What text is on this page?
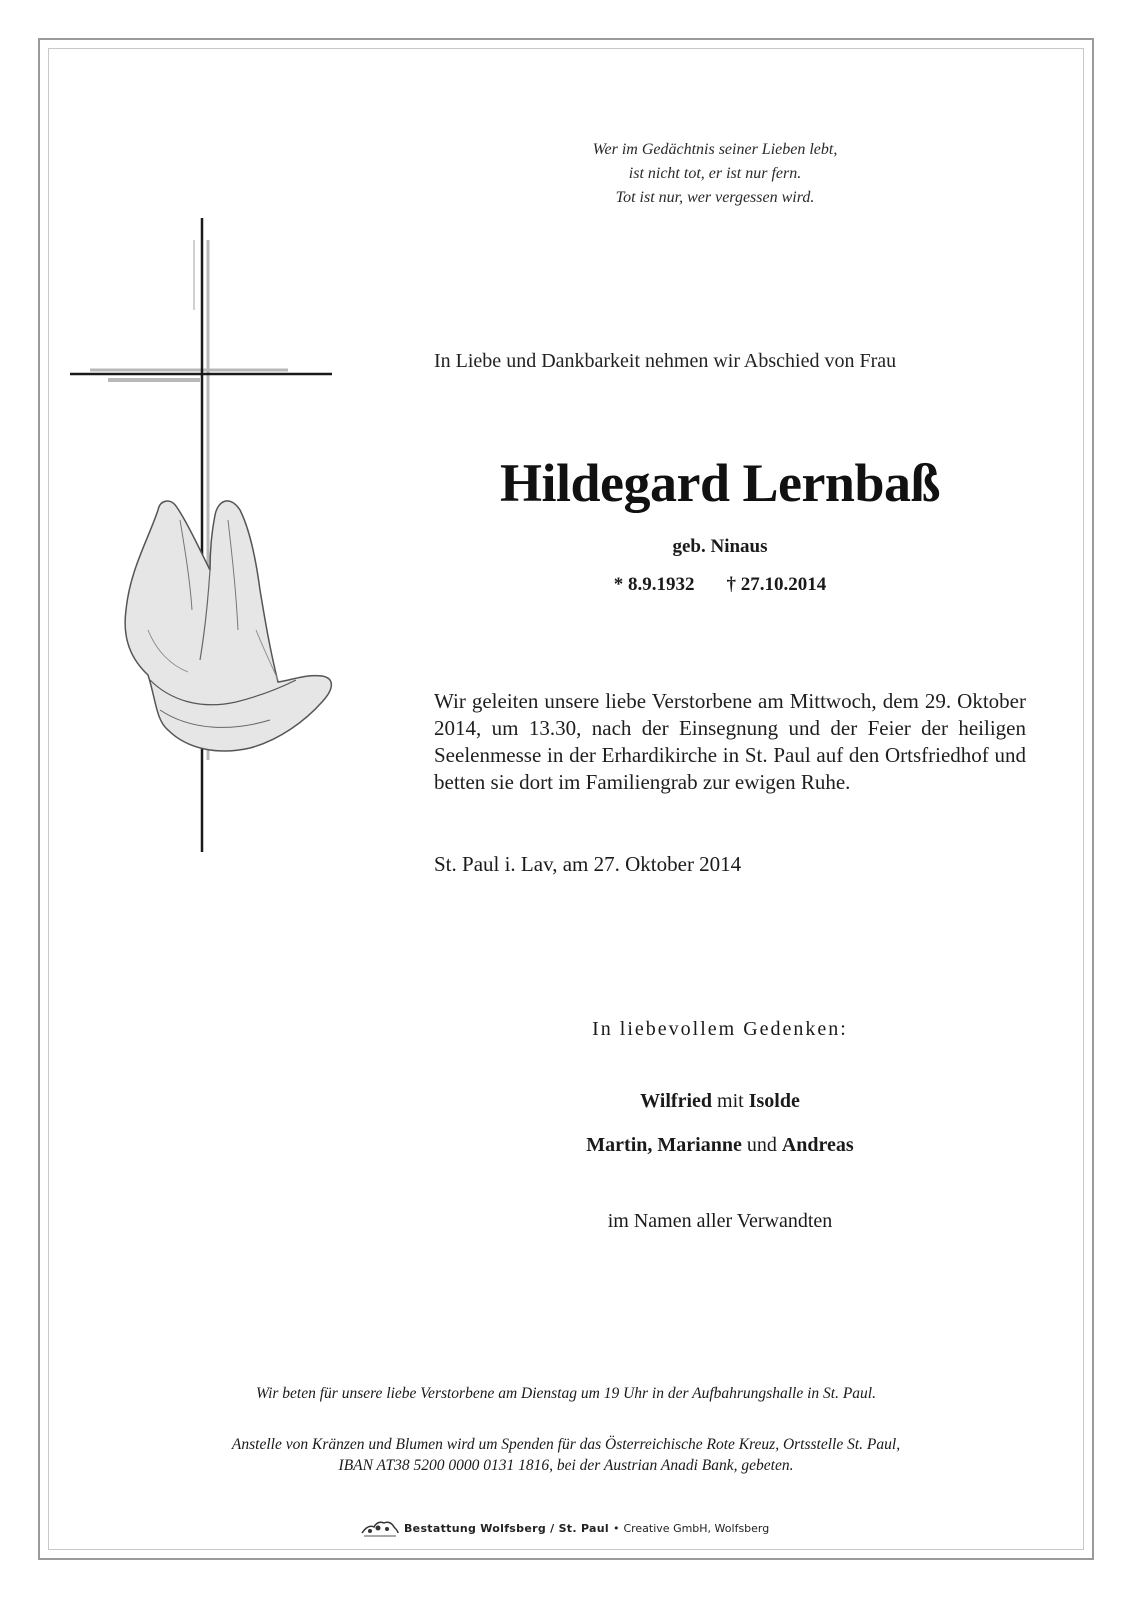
Wer im Gedächtnis seiner Lieben lebt,
ist nicht tot, er ist nur fern.
Tot ist nur, wer vergessen wird.
In Liebe und Dankbarkeit nehmen wir Abschied von Frau
Hildegard Lernbaß
geb. Ninaus
* 8.9.1932 † 27.10.2014
Wir geleiten unsere liebe Verstorbene am Mittwoch, dem 29. Oktober 2014, um 13.30, nach der Einsegnung und der Feier der heiligen Seelenmesse in der Erhardikirche in St. Paul auf den Ortsfriedhof und betten sie dort im Familiengrab zur ewigen Ruhe.
St. Paul i. Lav, am 27. Oktober 2014
In liebevollem Gedenken:
Wilfried mit Isolde
Martin, Marianne und Andreas
im Namen aller Verwandten
Wir beten für unsere liebe Verstorbene am Dienstag um 19 Uhr in der Aufbahrungshalle in St. Paul.
Anstelle von Kränzen und Blumen wird um Spenden für das Österreichische Rote Kreuz, Ortsstelle St. Paul,
IBAN AT38 5200 0000 0131 1816, bei der Austrian Anadi Bank, gebeten.
Bestattung Wolfsberg / St. Paul • Creative GmbH, Wolfsberg
